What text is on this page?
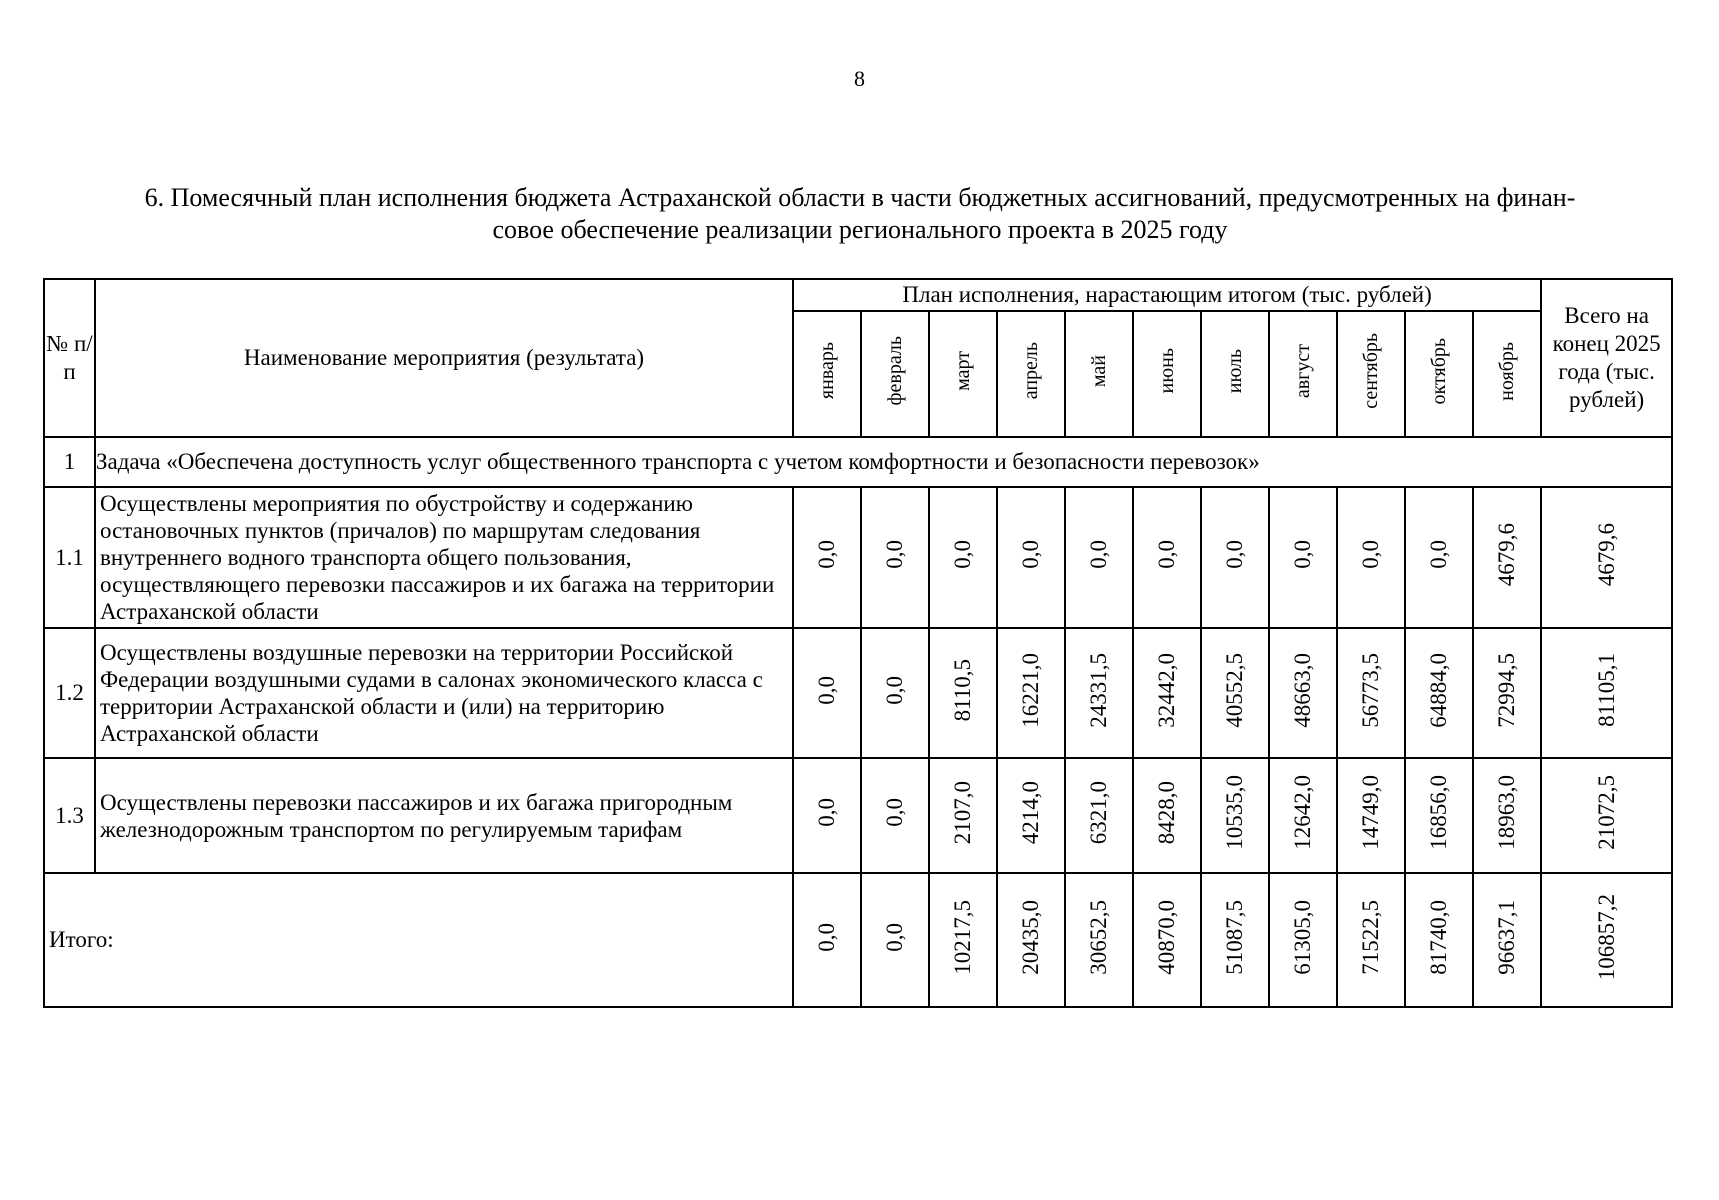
8
6. Помесячный план исполнения бюджета Астраханской области в части бюджетных ассигнований, предусмотренных на финан-
совое обеспечение реализации регионального проекта в 2025 году
№ п/п	Наименование мероприятия (результата)	План исполнения, нарастающим итогом (тыс. рублей)											Всего на конец 2025 года (тыс. рублей)
		январь	февраль	март	апрель	май	июнь	июль	август	сентябрь	октябрь	ноябрь	
1	Задача «Обеспечена доступность услуг общественного транспорта с учетом комфортности и безопасности перевозок»												
1.1	Осуществлены мероприятия по обустройству и содержанию остановочных пунктов (причалов) по маршрутам следования внутреннего водного транспорта общего пользования, осуществляющего перевозки пассажиров и их багажа на территории Астраханской области	0,0	0,0	0,0	0,0	0,0	0,0	0,0	0,0	0,0	0,0	4679,6	4679,6
1.2	Осуществлены воздушные перевозки на территории Российской Федерации воздушными судами в салонах экономического класса с территории Астраханской области и (или) на территорию Астраханской области	0,0	0,0	8110,5	16221,0	24331,5	32442,0	40552,5	48663,0	56773,5	64884,0	72994,5	81105,1
1.3	Осуществлены перевозки пассажиров и их багажа пригородным железнодорожным транспортом по регулируемым тарифам	0,0	0,0	2107,0	4214,0	6321,0	8428,0	10535,0	12642,0	14749,0	16856,0	18963,0	21072,5
Итого:		0,0	0,0	10217,5	20435,0	30652,5	40870,0	51087,5	61305,0	71522,5	81740,0	96637,1	106857,2
